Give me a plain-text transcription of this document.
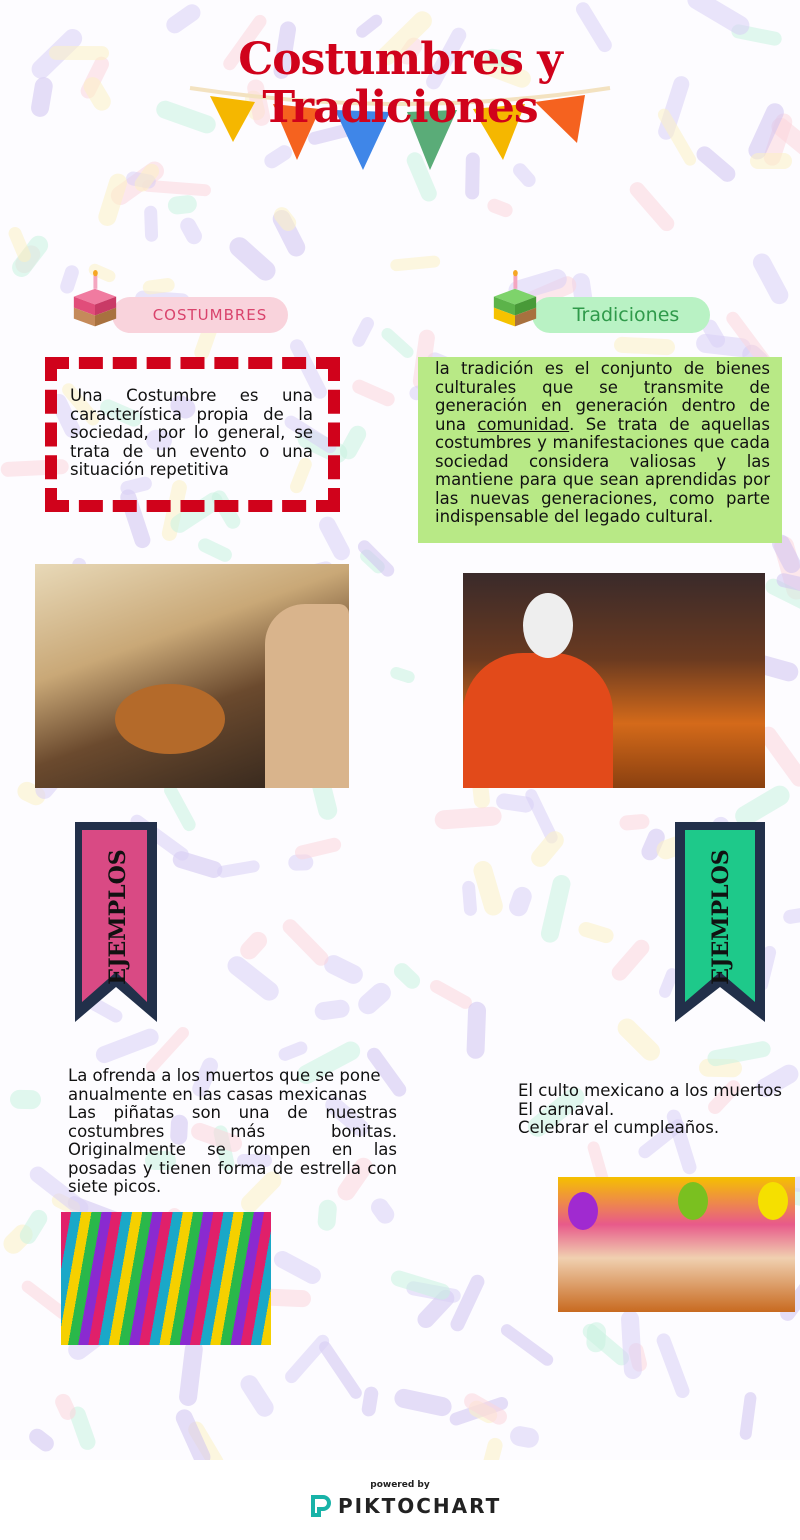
Costumbres y
Tradiciones
COSTUMBRES	Tradiciones
Una Costumbre es una característica propia de la sociedad, por lo general, se trata de un evento o una situación repetitiva
la tradición es el conjunto de bienes culturales que se transmite de generación en generación dentro de una comunidad. Se trata de aquellas costumbres y manifestaciones que cada sociedad considera valiosas y las mantiene para que sean aprendidas por las nuevas generaciones, como parte indispensable del legado cultural.
EJEMPLOS	EJEMPLOS
La ofrenda a los muertos que se pone anualmente en las casas mexicanas
Las piñatas son una de nuestras costumbres más bonitas. Originalmente se rompen en las posadas y tienen forma de estrella con siete picos.
El culto mexicano a los muertos
El carnaval.
Celebrar el cumpleaños.
powered by
PIKTOCHART
